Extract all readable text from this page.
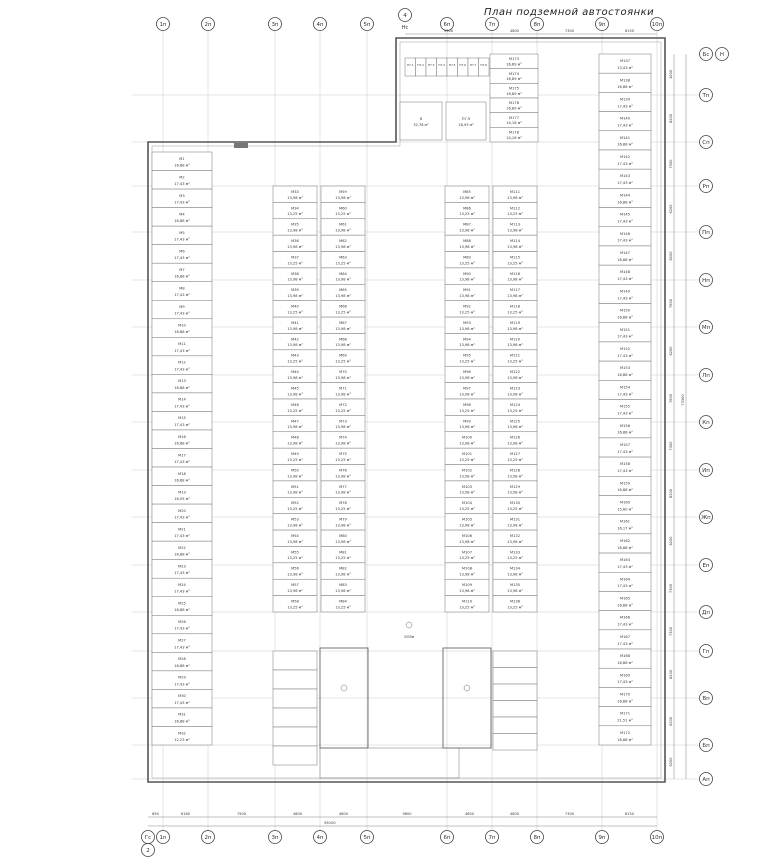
План подземной автостоянки
М1
16,88 м²
М2
17,43 м²
М3
17,43 м²
М4
16,88 м²
М5
17,43 м²
М6
17,43 м²
М7
16,88 м²
М8
17,43 м²
М9
17,43 м²
М10
16,88 м²
М11
17,43 м²
М12
17,43 м²
М13
16,88 м²
М14
17,43 м²
М15
17,43 м²
М16
16,88 м²
М17
17,43 м²
М18
16,68 м²
М19
16,55 м²
М20
17,43 м²
М21
17,43 м²
М22
16,88 м²
М23
17,43 м²
М24
17,43 м²
М25
16,88 м²
М26
17,43 м²
М27
17,43 м²
М28
16,88 м²
М29
17,43 м²
М30
17,43 м²
М31
16,88 м²
М32
12,23 м²
М33
13,98 м²
М34
13,25 м²
М35
13,98 м²
М36
13,98 м²
М37
13,25 м²
М38
13,98 м²
М39
13,98 м²
М40
13,25 м²
М41
13,98 м²
М42
13,98 м²
М43
13,25 м²
М44
13,98 м²
М45
13,98 м²
М46
13,25 м²
М47
13,98 м²
М48
13,98 м²
М49
13,25 м²
М50
13,98 м²
М51
13,98 м²
М52
13,25 м²
М53
13,98 м²
М54
13,98 м²
М55
13,25 м²
М56
13,98 м²
М57
13,98 м²
М58
13,25 м²
М59
13,98 м²
М60
13,25 м²
М61
13,98 м²
М62
13,98 м²
М63
13,25 м²
М64
13,98 м²
М65
13,98 м²
М66
13,25 м²
М67
13,98 м²
М68
13,98 м²
М69
13,25 м²
М70
13,98 м²
М71
13,98 м²
М72
13,25 м²
М73
13,98 м²
М74
13,98 м²
М75
13,25 м²
М76
13,98 м²
М77
13,98 м²
М78
13,25 м²
М79
13,98 м²
М80
13,98 м²
М81
13,25 м²
М82
13,98 м²
М83
13,98 м²
М84
13,25 м²
М85
13,98 м²
М86
13,25 м²
М87
13,98 м²
М88
13,98 м²
М89
13,25 м²
М90
13,98 м²
М91
13,98 м²
М92
13,25 м²
М93
13,98 м²
М94
13,98 м²
М95
13,25 м²
М96
13,98 м²
М97
13,98 м²
М98
13,25 м²
М99
13,98 м²
М100
13,98 м²
М101
13,25 м²
М102
13,98 м²
М103
13,98 м²
М104
13,25 м²
М105
13,98 м²
М106
13,98 м²
М107
13,25 м²
М108
13,98 м²
М109
13,98 м²
М110
13,25 м²
М111
13,98 м²
М112
13,25 м²
М113
13,98 м²
М114
13,98 м²
М115
13,25 м²
М116
13,98 м²
М117
13,98 м²
М118
13,25 м²
М119
13,98 м²
М120
13,98 м²
М121
13,25 м²
М122
13,98 м²
М123
13,98 м²
М124
13,25 м²
М125
13,98 м²
М126
13,98 м²
М127
13,25 м²
М128
13,98 м²
М129
13,98 м²
М130
13,25 м²
М131
13,98 м²
М132
13,98 м²
М133
13,25 м²
М134
13,98 м²
М135
13,98 м²
М136
13,25 м²
М137
13,43 м²
М138
16,88 м²
М139
17,43 м²
М140
17,43 м²
М141
16,88 м²
М142
17,43 м²
М143
17,43 м²
М144
16,88 м²
М145
17,43 м²
М146
17,43 м²
М147
16,88 м²
М148
17,43 м²
М149
17,43 м²
М150
16,88 м²
М151
17,43 м²
М152
17,43 м²
М153
16,88 м²
М154
17,43 м²
М155
17,43 м²
М156
16,88 м²
М157
17,43 м²
М158
17,43 м²
М159
16,88 м²
М160
15,60 м²
М161
16,17 м²
М162
16,88 м²
М163
17,43 м²
М164
17,43 м²
М165
16,88 м²
М166
17,43 м²
М167
17,43 м²
М168
16,88 м²
М169
17,43 м²
М170
16,88 м²
М171
21,51 м²
М172
16,88 м²
М173
16,89 м²
М174
16,89 м²
М175
16,89 м²
М176
16,89 м²
М177
14,16 м²
М178
14,16 м²
П7.1 П7.2 П7.3 П7.4 П7.5 П7.6 П7.7 П7.8
6
32,78 м²
П7.9
18,93 м²
3330м
1п
1п
2п
2п
3п
3п
4п
4п
5п
5п
6п
6п
7п
7п
8п
8п
9п
9п
10п
10п
Тп
Сп
Рп
Пп
Нп
Мп
Лп
Кп
Ип
Жп
Еп
Дп
Гп
Вп
Бп
Ап
4
Нс
Бс Н
Гс
2
9300	4800	7300	6150
650	6160	7500	4800	4800	9600	4800	4800	7300	6150
65100
1000
8200
7500
6200
8200
7600
8200
7600
7300
8200
8200
7300
7300
8200
6200
6200
73300
